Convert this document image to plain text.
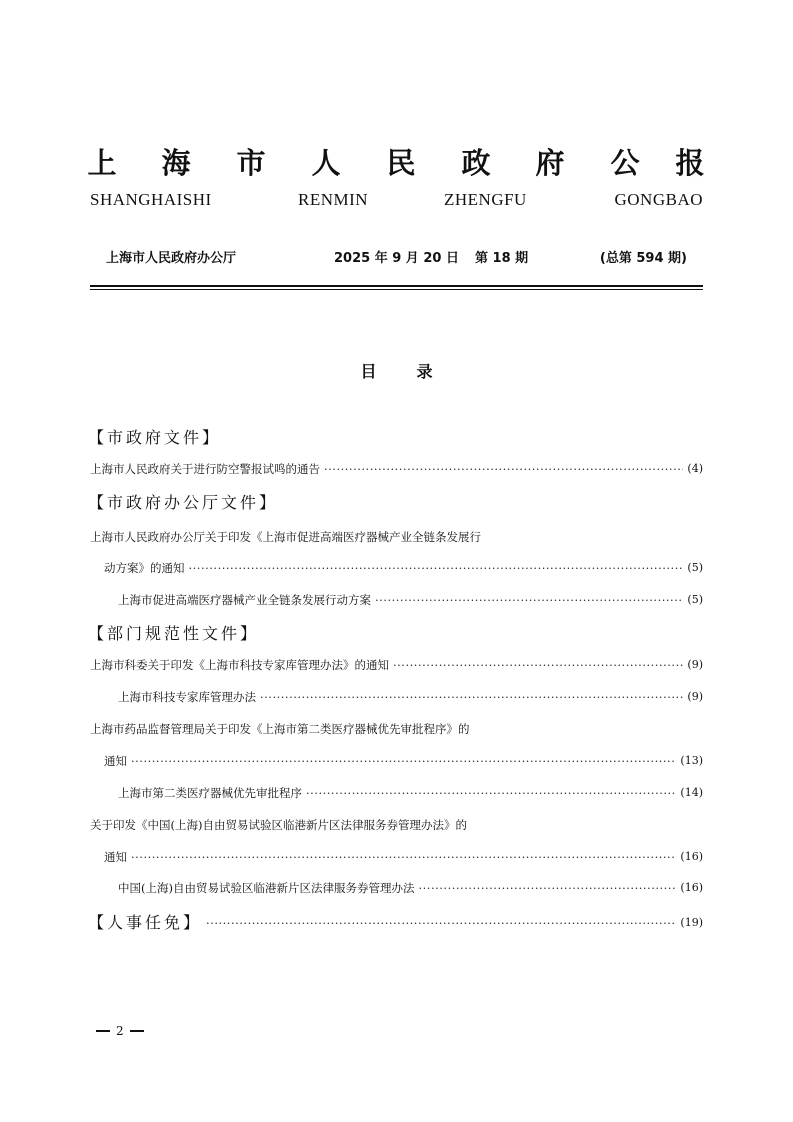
上 海 市 人 民 政 府 公 报
SHANGHAISHI	RENMIN	ZHENGFU	GONGBAO
上海市人民政府办公厅	2025 年 9 月 20 日 第 18 期	(总第 594 期)
目录
【市政府文件】
上海市人民政府关于进行防空警报试鸣的通告 ·····	(4)
【市政府办公厅文件】
上海市人民政府办公厅关于印发《上海市促进高端医疗器械产业全链条发展行
动方案》的通知 ·····	(5)
上海市促进高端医疗器械产业全链条发展行动方案 ·····	(5)
【部门规范性文件】
上海市科委关于印发《上海市科技专家库管理办法》的通知 ·····	(9)
上海市科技专家库管理办法 ·····	(9)
上海市药品监督管理局关于印发《上海市第二类医疗器械优先审批程序》的
通知 ·····	(13)
上海市第二类医疗器械优先审批程序 ·····	(14)
关于印发《中国(上海)自由贸易试验区临港新片区法律服务券管理办法》的
通知 ·····	(16)
中国(上海)自由贸易试验区临港新片区法律服务券管理办法 ·····	(16)
【人事任免】 ·····	(19)
2
